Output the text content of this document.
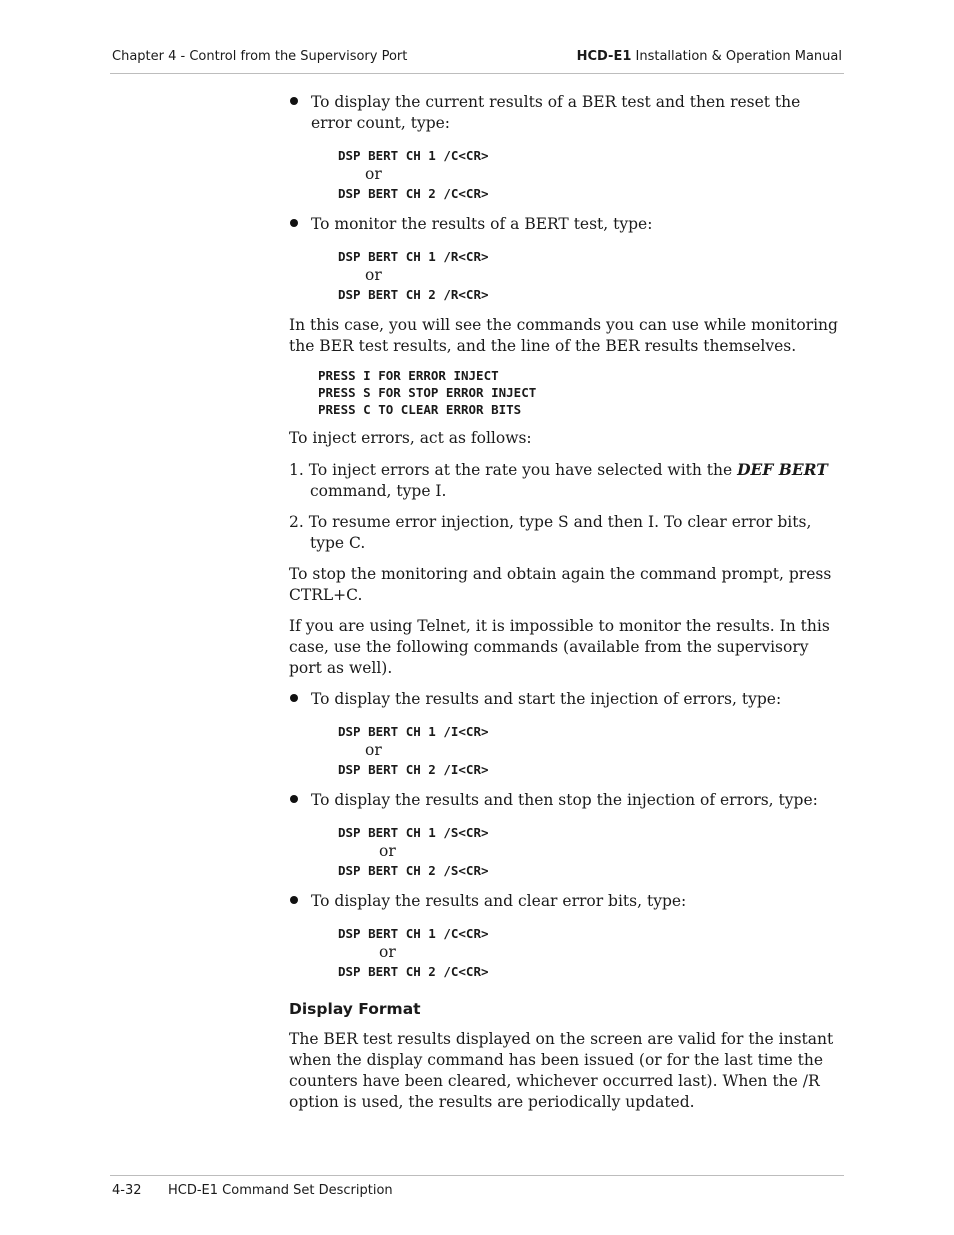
Chapter 4 - Control from the Supervisory Port	HCD-E1 Installation & Operation Manual
To display the current results of a BER test and then reset the error count, type:
DSP BERT CH 1 /C<CR>
or
DSP BERT CH 2 /C<CR>
To monitor the results of a BERT test, type:
DSP BERT CH 1 /R<CR>
or
DSP BERT CH 2 /R<CR>
In this case, you will see the commands you can use while monitoring the BER test results, and the line of the BER results themselves.
PRESS I FOR ERROR INJECT
PRESS S FOR STOP ERROR INJECT
PRESS C TO CLEAR ERROR BITS
To inject errors, act as follows:
1. To inject errors at the rate you have selected with the DEF BERT command, type I.
2. To resume error injection, type S and then I. To clear error bits, type C.
To stop the monitoring and obtain again the command prompt, press CTRL+C.
If you are using Telnet, it is impossible to monitor the results. In this case, use the following commands (available from the supervisory port as well).
To display the results and start the injection of errors, type:
DSP BERT CH 1 /I<CR>
or
DSP BERT CH 2 /I<CR>
To display the results and then stop the injection of errors, type:
DSP BERT CH 1 /S<CR>
or
DSP BERT CH 2 /S<CR>
To display the results and clear error bits, type:
DSP BERT CH 1 /C<CR>
or
DSP BERT CH 2 /C<CR>
Display Format
The BER test results displayed on the screen are valid for the instant when the display command has been issued (or for the last time the counters have been cleared, whichever occurred last). When the /R option is used, the results are periodically updated.
4-32 HCD-E1 Command Set Description
